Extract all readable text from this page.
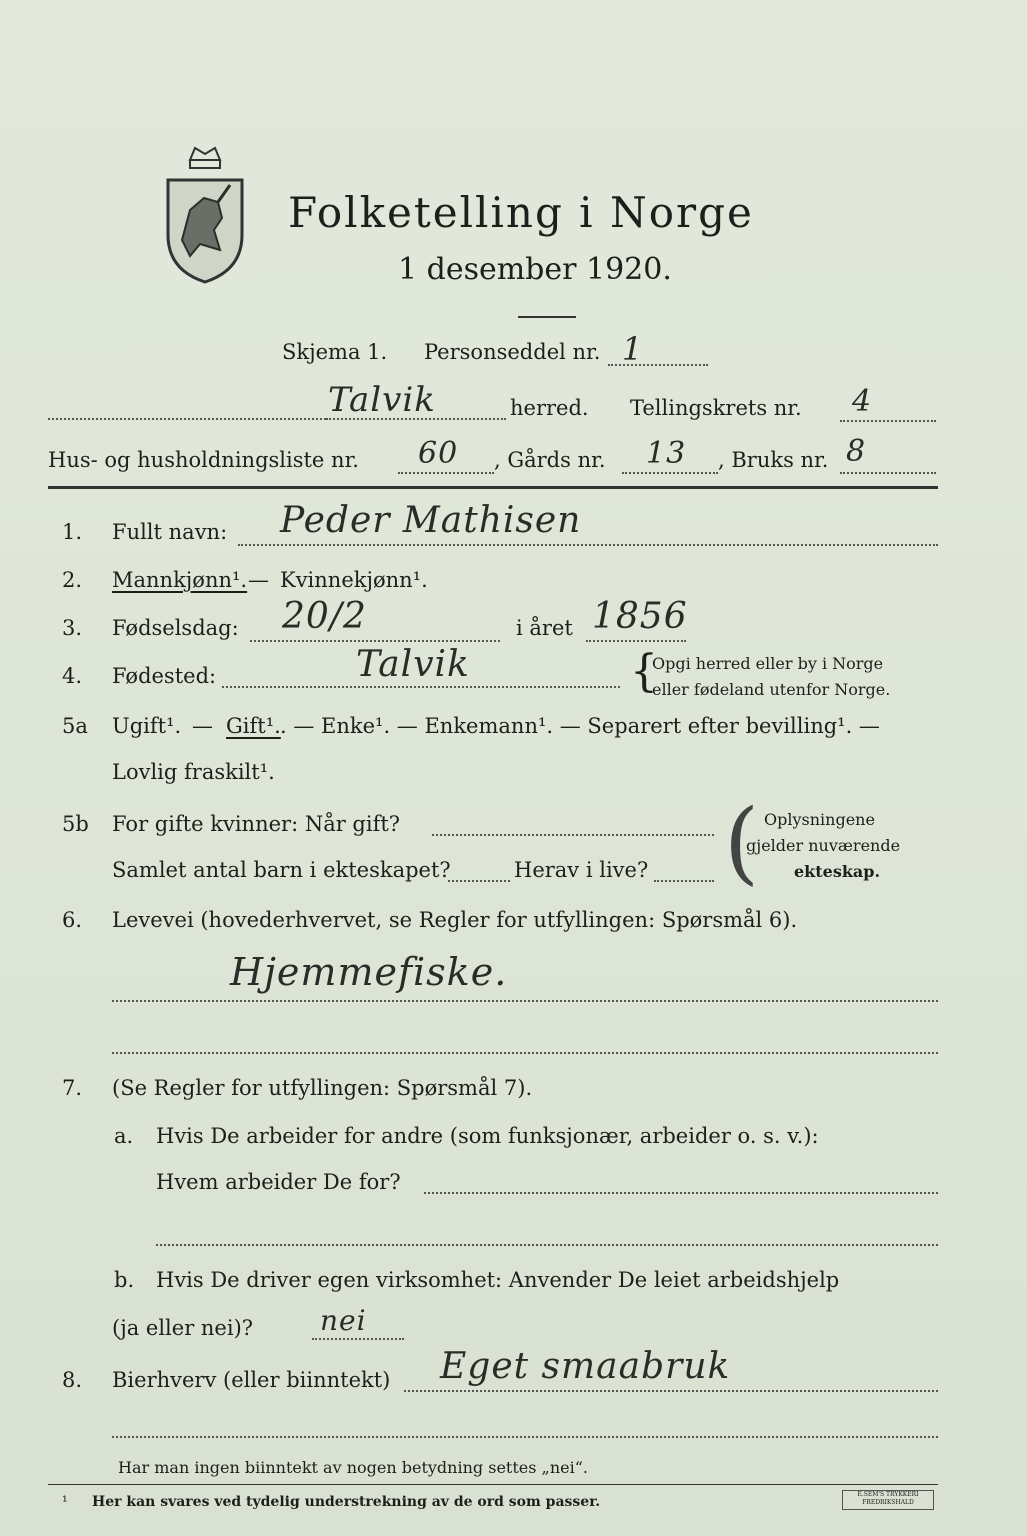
Folketelling i Norge
1 desember 1920.
Skjema 1. Personseddel nr. 1
Talvik	herred. Tellingskrets nr. 4
Hus- og husholdningsliste nr. 60 , Gårds nr. 13 , Bruks nr. 8
1. Fullt navn: Peder Mathisen
2. Mannkjønn¹. — Kvinnekjønn¹.
3. Fødselsdag: 20/2	i året 1856
4. Fødested:	Talvik	{
Opgi herred eller by i Norge
eller fødeland utenfor Norge.
5a Ugift¹. — Gift¹. . — Enke¹. — Enkemann¹. — Separert efter bevilling¹. —
Lovlig fraskilt¹.
5b For gifte kvinner: Når gift?
Samlet antal barn i ekteskapet?	Herav i live? ( Oplysningene
gjelder nuværende
ekteskap.
6. Levevei (hovederhvervet, se Regler for utfyllingen: Spørsmål 6).
Hjemmefiske.
7. (Se Regler for utfyllingen: Spørsmål 7).
a. Hvis De arbeider for andre (som funksjonær, arbeider o. s. v.):
Hvem arbeider De for?
b. Hvis De driver egen virksomhet: Anvender De leiet arbeidshjelp
(ja eller nei)? nei
8. Bierhverv (eller biinntekt) Eget smaabruk
Har man ingen biinntekt av nogen betydning settes „nei“.
¹ Her kan svares ved tydelig understrekning av de ord som passer.	E.SEM'S TRYKKERI FREDRIKSHALD
